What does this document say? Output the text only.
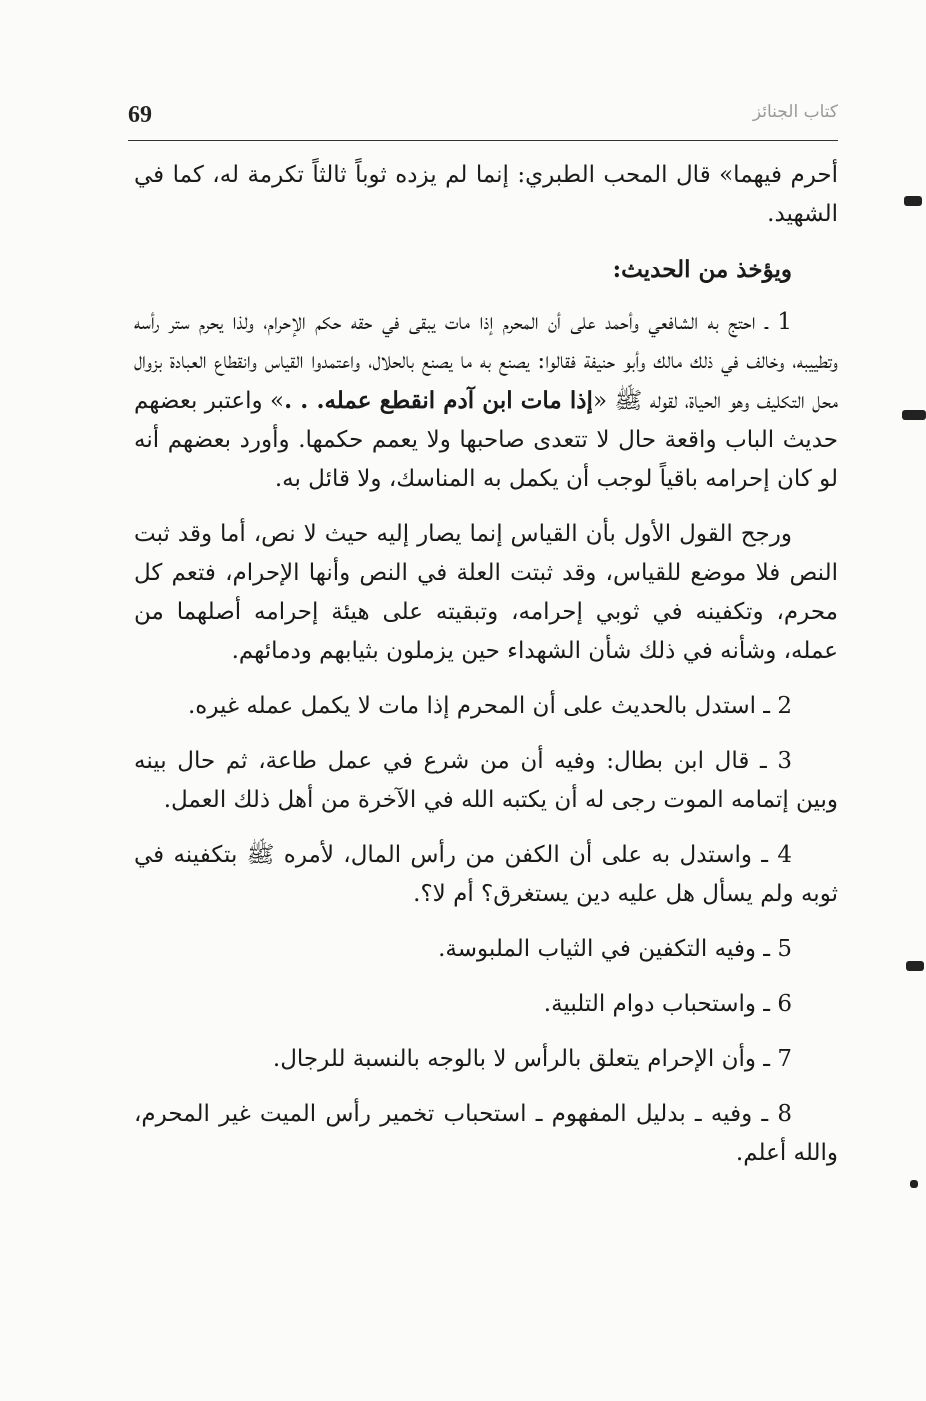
69	كتاب الجنائز

أحرم فيهما» قال المحب الطبري: إنما لم يزده ثوباً ثالثاً تكرمة له، كما في الشهيد.

ويؤخذ من الحديث:

1 ـ احتج به الشافعي وأحمد على أن المحرم إذا مات يبقى في حقه حكم الإحرام، ولذا يحرم ستر رأسه وتطييبه، وخالف في ذلك مالك وأبو حنيفة فقالوا: يصنع به ما يصنع بالحلال، واعتمدوا القياس وانقطاع العبادة بزوال محل التكليف وهو الحياة، لقوله ﷺ «إذا مات ابن آدم انقطع عمله. . .» واعتبر بعضهم حديث الباب واقعة حال لا تتعدى صاحبها ولا يعمم حكمها. وأورد بعضهم أنه لو كان إحرامه باقياً لوجب أن يكمل به المناسك، ولا قائل به.

ورجح القول الأول بأن القياس إنما يصار إليه حيث لا نص، أما وقد ثبت النص فلا موضع للقياس، وقد ثبتت العلة في النص وأنها الإحرام، فتعم كل محرم، وتكفينه في ثوبي إحرامه، وتبقيته على هيئة إحرامه أصلهما من عمله، وشأنه في ذلك شأن الشهداء حين يزملون بثيابهم ودمائهم.

2 ـ استدل بالحديث على أن المحرم إذا مات لا يكمل عمله غيره.

3 ـ قال ابن بطال: وفيه أن من شرع في عمل طاعة، ثم حال بينه وبين إتمامه الموت رجى له أن يكتبه الله في الآخرة من أهل ذلك العمل.

4 ـ واستدل به على أن الكفن من رأس المال، لأمره ﷺ بتكفينه في ثوبه ولم يسأل هل عليه دين يستغرق؟ أم لا؟.

5 ـ وفيه التكفين في الثياب الملبوسة.

6 ـ واستحباب دوام التلبية.

7 ـ وأن الإحرام يتعلق بالرأس لا بالوجه بالنسبة للرجال.

8 ـ وفيه ـ بدليل المفهوم ـ استحباب تخمير رأس الميت غير المحرم، والله أعلم.
